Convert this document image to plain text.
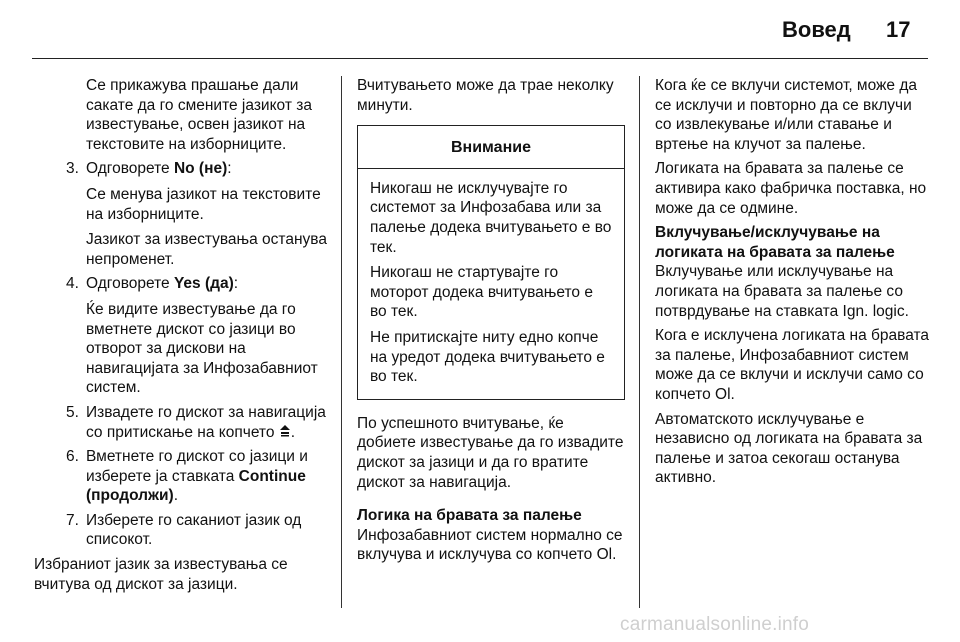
Вовед 17

Се прикажува прашање дали сакате да го смените јазикот за известување, освен јазикот на текстовите на изборниците.

3. Одговорете No (не):
Се менува јазикот на текстовите на изборниците.
Јазикот за известувања останува непроменет.
4. Одговорете Yes (да):
Ќе видите известување да го вметнете дискот со јазици во отворот за дискови на навигацијата за Инфозабавниот систем.
5. Извадете го дискот за навигација со притискање на копчето .
6. Вметнете го дискот со јазици и изберете ја ставката Continue (продолжи).
7. Изберете го саканиот јазик од списокот.

Избраниот јазик за известувања се вчитува од дискот за јазици.

Вчитувањето може да трае неколку минути.

Внимание

Никогаш не исклучувајте го системот за Инфозабава или за палење додека вчитувањето е во тек.

Никогаш не стартувајте го моторот додека вчитувањето е во тек.

Не притискајте ниту едно копче на уредот додека вчитувањето е во тек.

По успешното вчитување, ќе добиете известување да го извадите дискот за јазици и да го вратите дискот за навигација.

Логика на бравата за палење

Инфозабавниот систем нормално се вклучува и исклучува со копчето Ol.

Кога ќе се вклучи системот, може да се исклучи и повторно да се вклучи со извлекување и/или ставање и вртење на клучот за палење.

Логиката на бравата за палење се активира како фабричка поставка, но може да се одмине.

Вклучување/исклучување на логиката на бравата за палење

Вклучување или исклучување на логиката на бравата за палење со потврдување на ставката Ign. logic.

Кога е исклучена логиката на бравата за палење, Инфозабавниот систем може да се вклучи и исклучи само со копчето Ol.

Автоматското исклучување е независно од логиката на бравата за палење и затоа секогаш останува активно.

carmanualsonline.info
